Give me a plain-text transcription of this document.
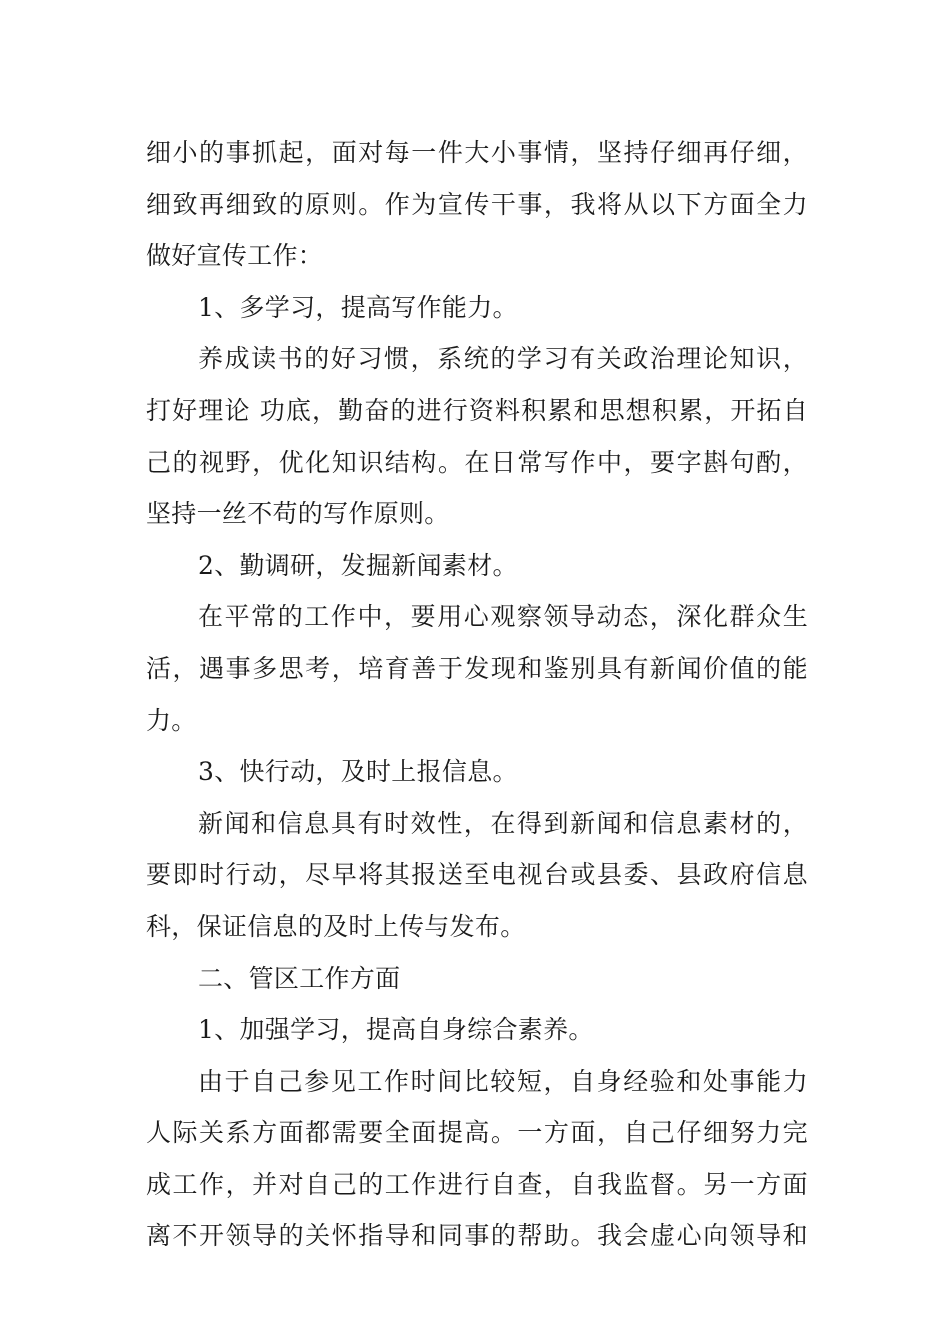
细小的事抓起，面对每一件大小事情，坚持仔细再仔细，
细致再细致的原则。作为宣传干事，我将从以下方面全力
做好宣传工作：
1、多学习，提高写作能力。
养成读书的好习惯，系统的学习有关政治理论知识，
打好理论 功底，勤奋的进行资料积累和思想积累，开拓自
己的视野，优化知识结构。在日常写作中，要字斟句酌，
坚持一丝不苟的写作原则。
2、勤调研，发掘新闻素材。
在平常的工作中，要用心观察领导动态，深化群众生
活，遇事多思考，培育善于发现和鉴别具有新闻价值的能
力。
3、快行动，及时上报信息。
新闻和信息具有时效性，在得到新闻和信息素材的，
要即时行动，尽早将其报送至电视台或县委、县政府信息
科，保证信息的及时上传与发布。
二、管区工作方面
1、加强学习，提高自身综合素养。
由于自己参见工作时间比较短，自身经验和处事能力
人际关系方面都需要全面提高。一方面，自己仔细努力完
成工作，并对自己的工作进行自查，自我监督。另一方面
离不开领导的关怀指导和同事的帮助。我会虚心向领导和
